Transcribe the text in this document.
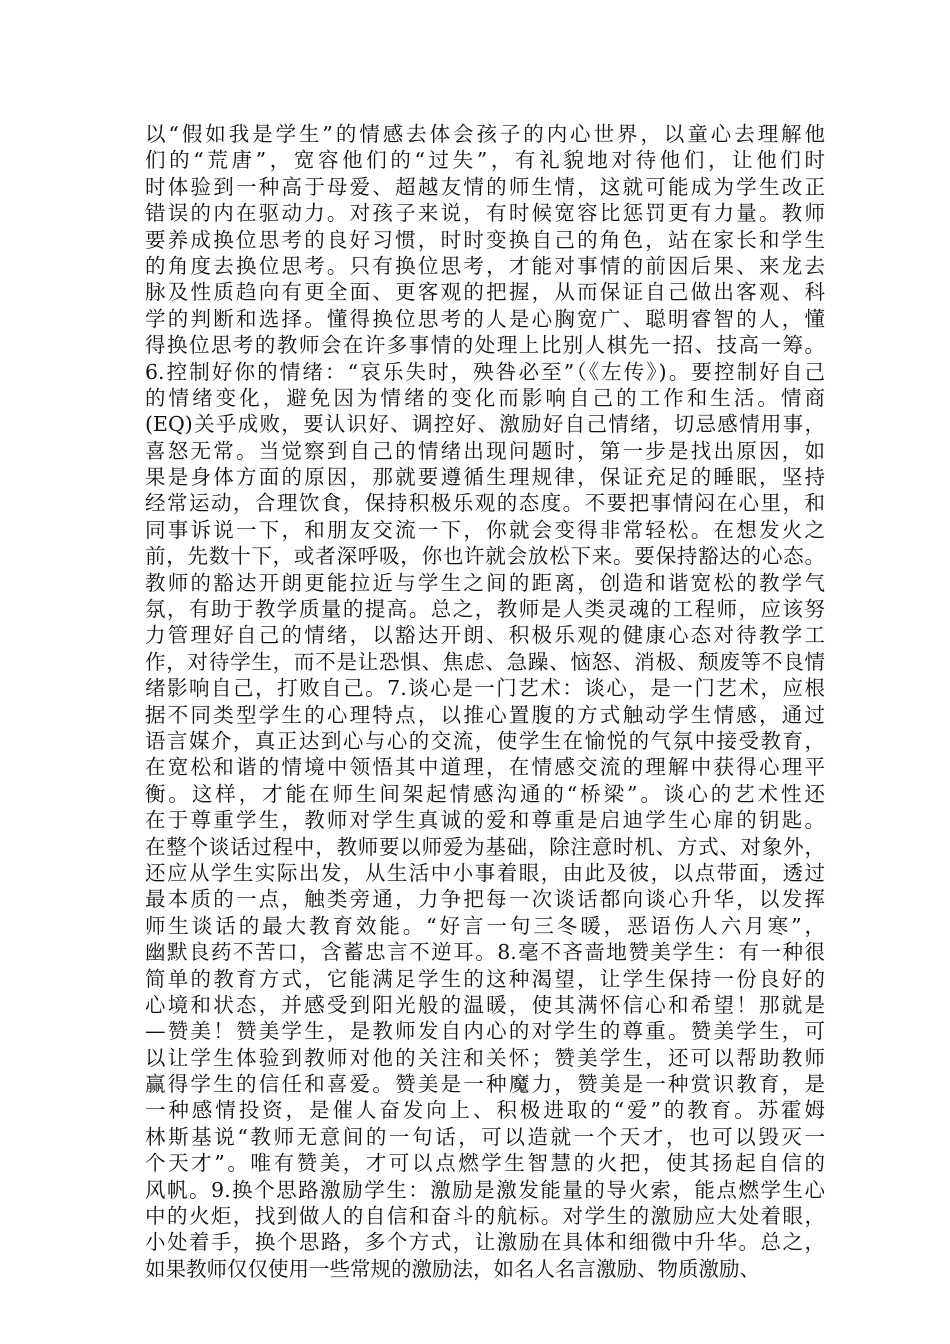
以“假如我是学生”的情感去体会孩子的内心世界，以童心去理解他
们的“荒唐”，宽容他们的“过失”，有礼貌地对待他们，让他们时
时体验到一种高于母爱、超越友情的师生情，这就可能成为学生改正
错误的内在驱动力。对孩子来说，有时候宽容比惩罚更有力量。教师
要养成换位思考的良好习惯，时时变换自己的角色，站在家长和学生
的角度去换位思考。只有换位思考，才能对事情的前因后果、来龙去
脉及性质趋向有更全面、更客观的把握，从而保证自己做出客观、科
学的判断和选择。懂得换位思考的人是心胸宽广、聪明睿智的人，懂
得换位思考的教师会在许多事情的处理上比别人棋先一招、技高一筹。
6.控制好你的情绪：“哀乐失时，殃咎必至”（《左传》)。要控制好自己
的情绪变化，避免因为情绪的变化而影响自己的工作和生活。情商
(EQ)关乎成败，要认识好、调控好、激励好自己情绪，切忌感情用事，
喜怒无常。当觉察到自己的情绪出现问题时，第一步是找出原因，如
果是身体方面的原因，那就要遵循生理规律，保证充足的睡眠，坚持
经常运动，合理饮食，保持积极乐观的态度。不要把事情闷在心里，和
同事诉说一下，和朋友交流一下，你就会变得非常轻松。在想发火之
前，先数十下，或者深呼吸，你也许就会放松下来。要保持豁达的心态。
教师的豁达开朗更能拉近与学生之间的距离，创造和谐宽松的教学气
氛，有助于教学质量的提高。总之，教师是人类灵魂的工程师，应该努
力管理好自己的情绪，以豁达开朗、积极乐观的健康心态对待教学工
作，对待学生，而不是让恐惧、焦虑、急躁、恼怒、消极、颓废等不良情
绪影响自己，打败自己。7.谈心是一门艺术：谈心，是一门艺术，应根
据不同类型学生的心理特点，以推心置腹的方式触动学生情感，通过
语言媒介，真正达到心与心的交流，使学生在愉悦的气氛中接受教育，
在宽松和谐的情境中领悟其中道理，在情感交流的理解中获得心理平
衡。这样，才能在师生间架起情感沟通的“桥梁”。谈心的艺术性还
在于尊重学生，教师对学生真诚的爱和尊重是启迪学生心扉的钥匙。
在整个谈话过程中，教师要以师爱为基础，除注意时机、方式、对象外，
还应从学生实际出发，从生活中小事着眼，由此及彼，以点带面，透过
最本质的一点，触类旁通，力争把每一次谈话都向谈心升华，以发挥
师生谈话的最大教育效能。“好言一句三冬暖，恶语伤人六月寒”，
幽默良药不苦口，含蓄忠言不逆耳。8.毫不吝啬地赞美学生：有一种很
简单的教育方式，它能满足学生的这种渴望，让学生保持一份良好的
心境和状态，并感受到阳光般的温暖，使其满怀信心和希望！那就是
—赞美！赞美学生，是教师发自内心的对学生的尊重。赞美学生，可
以让学生体验到教师对他的关注和关怀；赞美学生，还可以帮助教师
赢得学生的信任和喜爱。赞美是一种魔力，赞美是一种赏识教育，是
一种感情投资，是催人奋发向上、积极进取的“爱”的教育。苏霍姆
林斯基说“教师无意间的一句话，可以造就一个天才，也可以毁灭一
个天才”。唯有赞美，才可以点燃学生智慧的火把，使其扬起自信的
风帆。9.换个思路激励学生：激励是激发能量的导火索，能点燃学生心
中的火炬，找到做人的自信和奋斗的航标。对学生的激励应大处着眼，
小处着手，换个思路，多个方式，让激励在具体和细微中升华。总之，
如果教师仅仅使用一些常规的激励法，如名人名言激励、物质激励、
